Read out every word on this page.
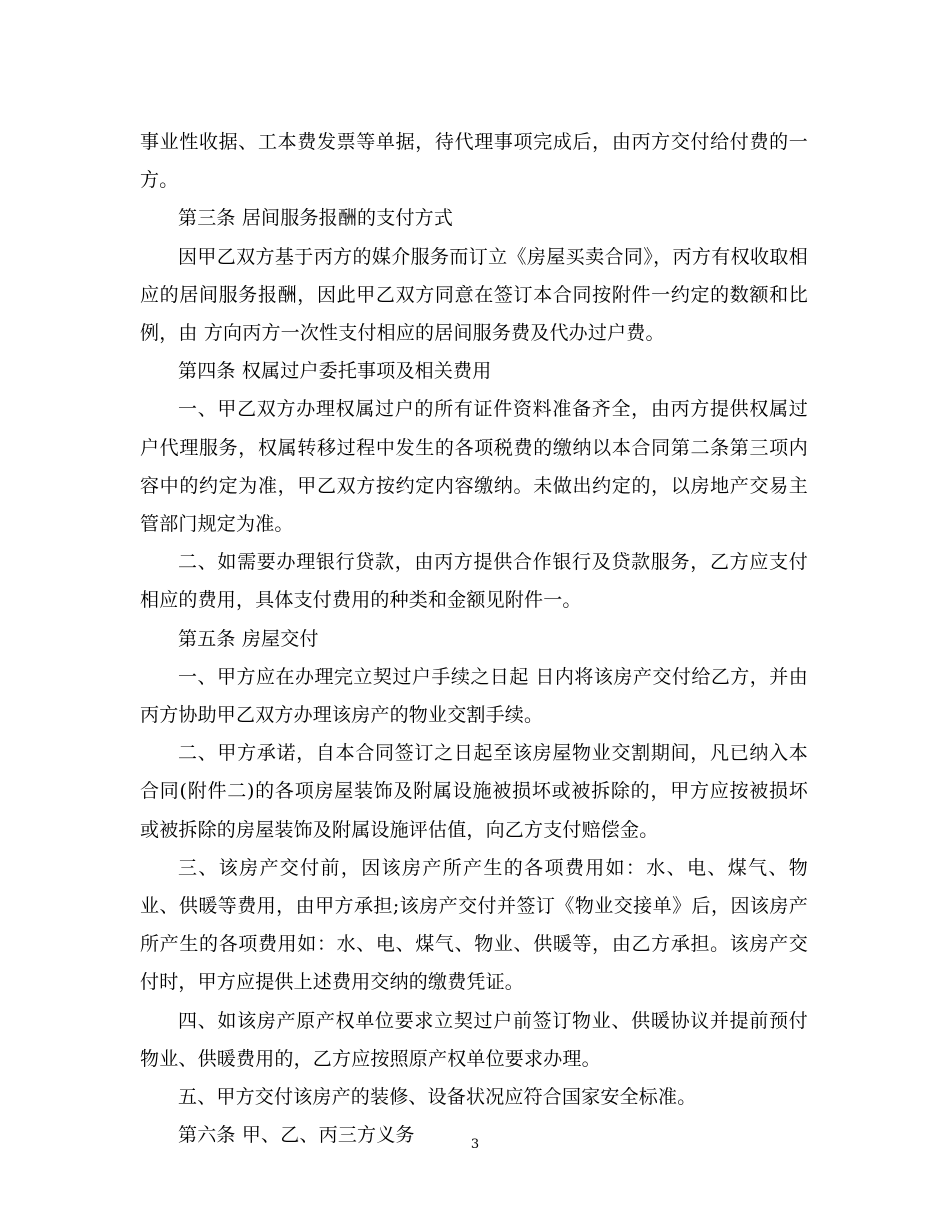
事业性收据、工本费发票等单据，待代理事项完成后，由丙方交付给付费的一方。

第三条 居间服务报酬的支付方式

因甲乙双方基于丙方的媒介服务而订立《房屋买卖合同》，丙方有权收取相应的居间服务报酬，因此甲乙双方同意在签订本合同按附件一约定的数额和比例，由 方向丙方一次性支付相应的居间服务费及代办过户费。

第四条 权属过户委托事项及相关费用

一、甲乙双方办理权属过户的所有证件资料准备齐全，由丙方提供权属过户代理服务，权属转移过程中发生的各项税费的缴纳以本合同第二条第三项内容中的约定为准，甲乙双方按约定内容缴纳。未做出约定的，以房地产交易主管部门规定为准。

二、如需要办理银行贷款，由丙方提供合作银行及贷款服务，乙方应支付相应的费用，具体支付费用的种类和金额见附件一。

第五条 房屋交付

一、甲方应在办理完立契过户手续之日起 日内将该房产交付给乙方，并由丙方协助甲乙双方办理该房产的物业交割手续。

二、甲方承诺，自本合同签订之日起至该房屋物业交割期间，凡已纳入本合同(附件二)的各项房屋装饰及附属设施被损坏或被拆除的，甲方应按被损坏或被拆除的房屋装饰及附属设施评估值，向乙方支付赔偿金。

三、该房产交付前，因该房产所产生的各项费用如：水、电、煤气、物业、供暖等费用，由甲方承担;该房产交付并签订《物业交接单》后，因该房产所产生的各项费用如：水、电、煤气、物业、供暖等，由乙方承担。该房产交付时，甲方应提供上述费用交纳的缴费凭证。

四、如该房产原产权单位要求立契过户前签订物业、供暖协议并提前预付物业、供暖费用的，乙方应按照原产权单位要求办理。

五、甲方交付该房产的装修、设备状况应符合国家安全标准。

第六条 甲、乙、丙三方义务	3
